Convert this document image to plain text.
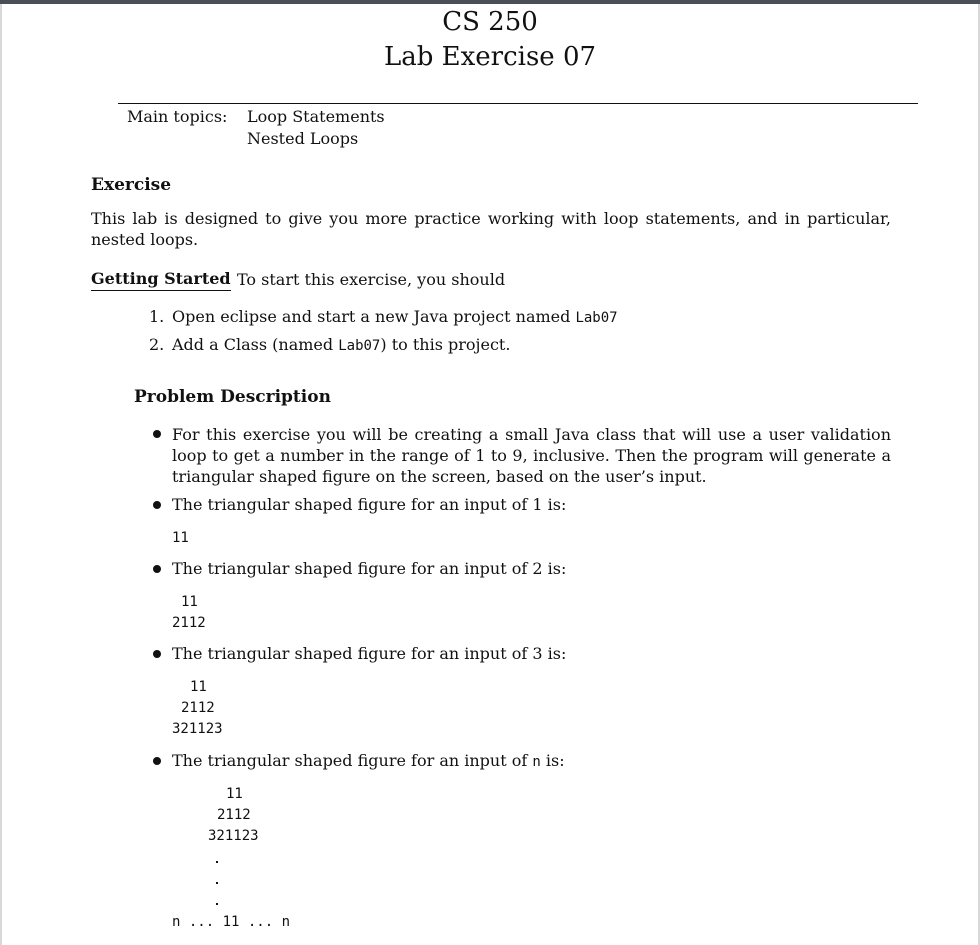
CS 250
Lab Exercise 07
Main topics: Loop Statements
Nested Loops
Exercise
This lab is designed to give you more practice working with loop statements, and in particular, nested loops.
Getting Started To start this exercise, you should
1. Open eclipse and start a new Java project named Lab07
2. Add a Class (named Lab07) to this project.
Problem Description
For this exercise you will be creating a small Java class that will use a user validation loop to get a number in the range of 1 to 9, inclusive. Then the program will generate a triangular shaped figure on the screen, based on the user’s input.
The triangular shaped figure for an input of 1 is:
11
The triangular shaped figure for an input of 2 is:
11
2112
The triangular shaped figure for an input of 3 is:
11
2112
321123
The triangular shaped figure for an input of n is:
11
2112
321123
n ... 11 ... n
